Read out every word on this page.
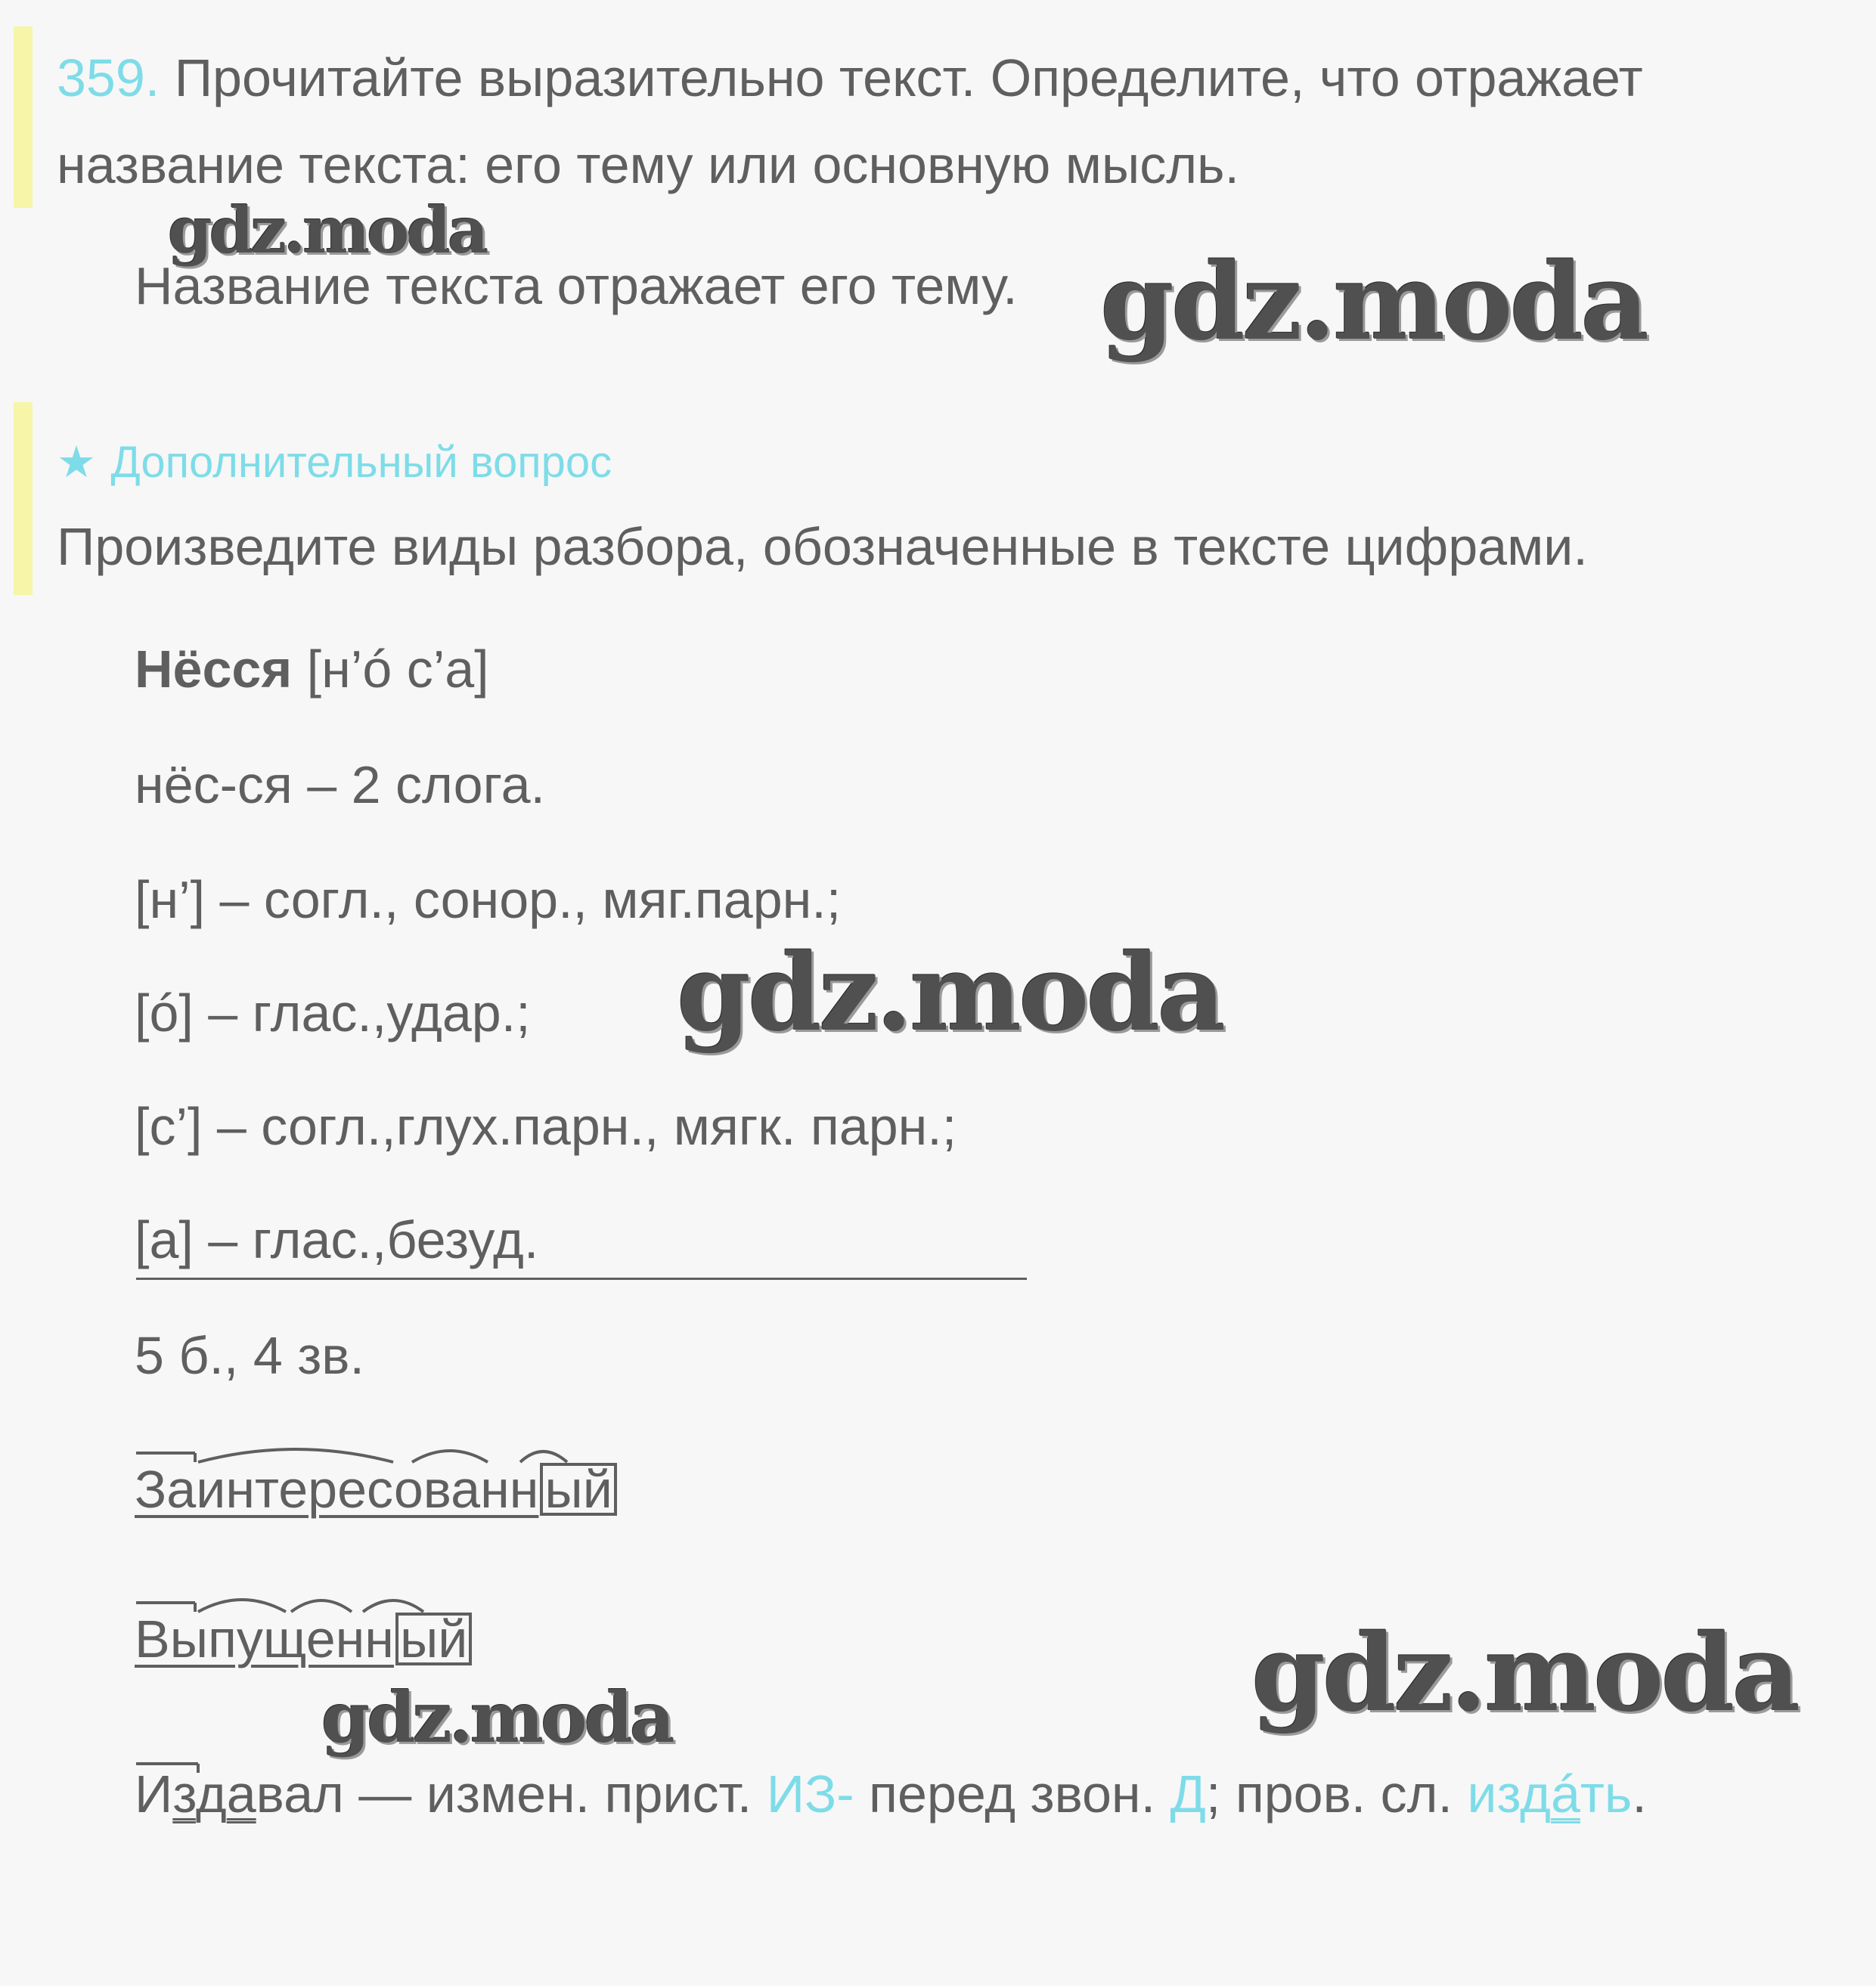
359. Прочитайте выразительно текст. Определите, что отражает
название текста: его тему или основную мысль.
Название текста отражает его тему.
★ Дополнительный вопрос
Произведите виды разбора, обозначенные в тексте цифрами.
Нёсся [н’ó с’а]
нёс-ся – 2 слога.
[н’] – согл., сонор., мяг.парн.;
[ó] – глас.,удар.;
[с’] – согл.,глух.парн., мягк. парн.;
[а] – глас.,безуд.
5 б., 4 зв.
Заинтересованн ый
Выпущенн ый
Издавал — измен. прист. ИЗ- перед звон. Д; пров. сл. издáть.
gdz.moda
gdz.moda
gdz.moda
gdz.moda
gdz.moda
